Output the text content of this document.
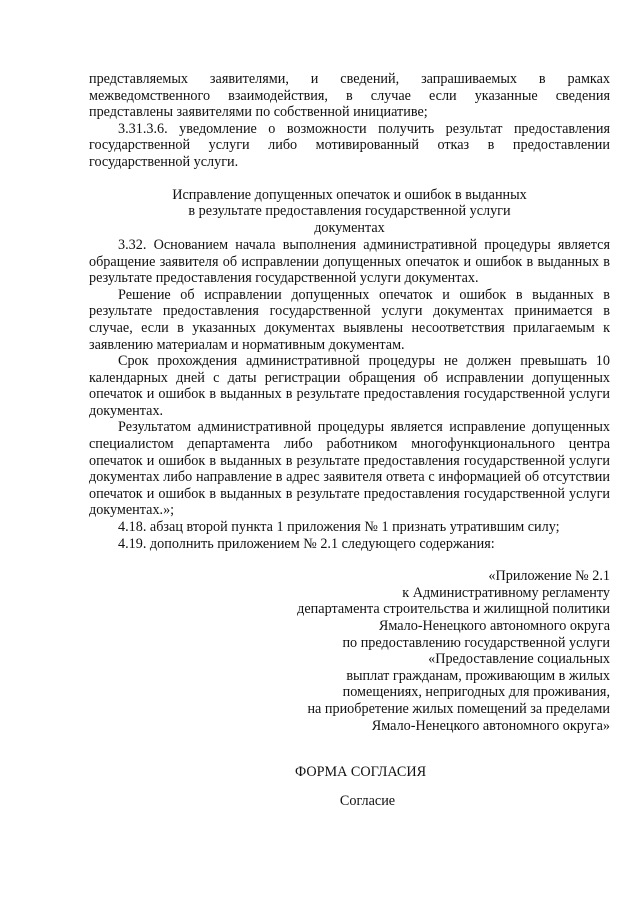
представляемых заявителями, и сведений, запрашиваемых в рамках межведомственного взаимодействия, в случае если указанные сведения представлены заявителями по собственной инициативе;

3.31.3.6. уведомление о возможности получить результат предоставления государственной услуги либо мотивированный отказ в предоставлении государственной услуги.

Исправление допущенных опечаток и ошибок в выданных
в результате предоставления государственной услуги
документах

3.32. Основанием начала выполнения административной процедуры является обращение заявителя об исправлении допущенных опечаток и ошибок в выданных в результате предоставления государственной услуги документах.

Решение об исправлении допущенных опечаток и ошибок в выданных в результате предоставления государственной услуги документах принимается в случае, если в указанных документах выявлены несоответствия прилагаемым к заявлению материалам и нормативным документам.

Срок прохождения административной процедуры не должен превышать 10 календарных дней с даты регистрации обращения об исправлении допущенных опечаток и ошибок в выданных в результате предоставления государственной услуги документах.

Результатом административной процедуры является исправление допущенных специалистом департамента либо работником многофункционального центра опечаток и ошибок в выданных в результате предоставления государственной услуги документах либо направление в адрес заявителя ответа с информацией об отсутствии опечаток и ошибок в выданных в результате предоставления государственной услуги документах.»;

4.18. абзац второй пункта 1 приложения № 1 признать утратившим силу;

4.19. дополнить приложением № 2.1 следующего содержания:

«Приложение № 2.1
к Административному регламенту
департамента строительства и жилищной политики
Ямало-Ненецкого автономного округа
по предоставлению государственной услуги
«Предоставление социальных
выплат гражданам, проживающим в жилых
помещениях, непригодных для проживания,
на приобретение жилых помещений за пределами
Ямало-Ненецкого автономного округа»
ФОРМА СОГЛАСИЯ
Согласие
